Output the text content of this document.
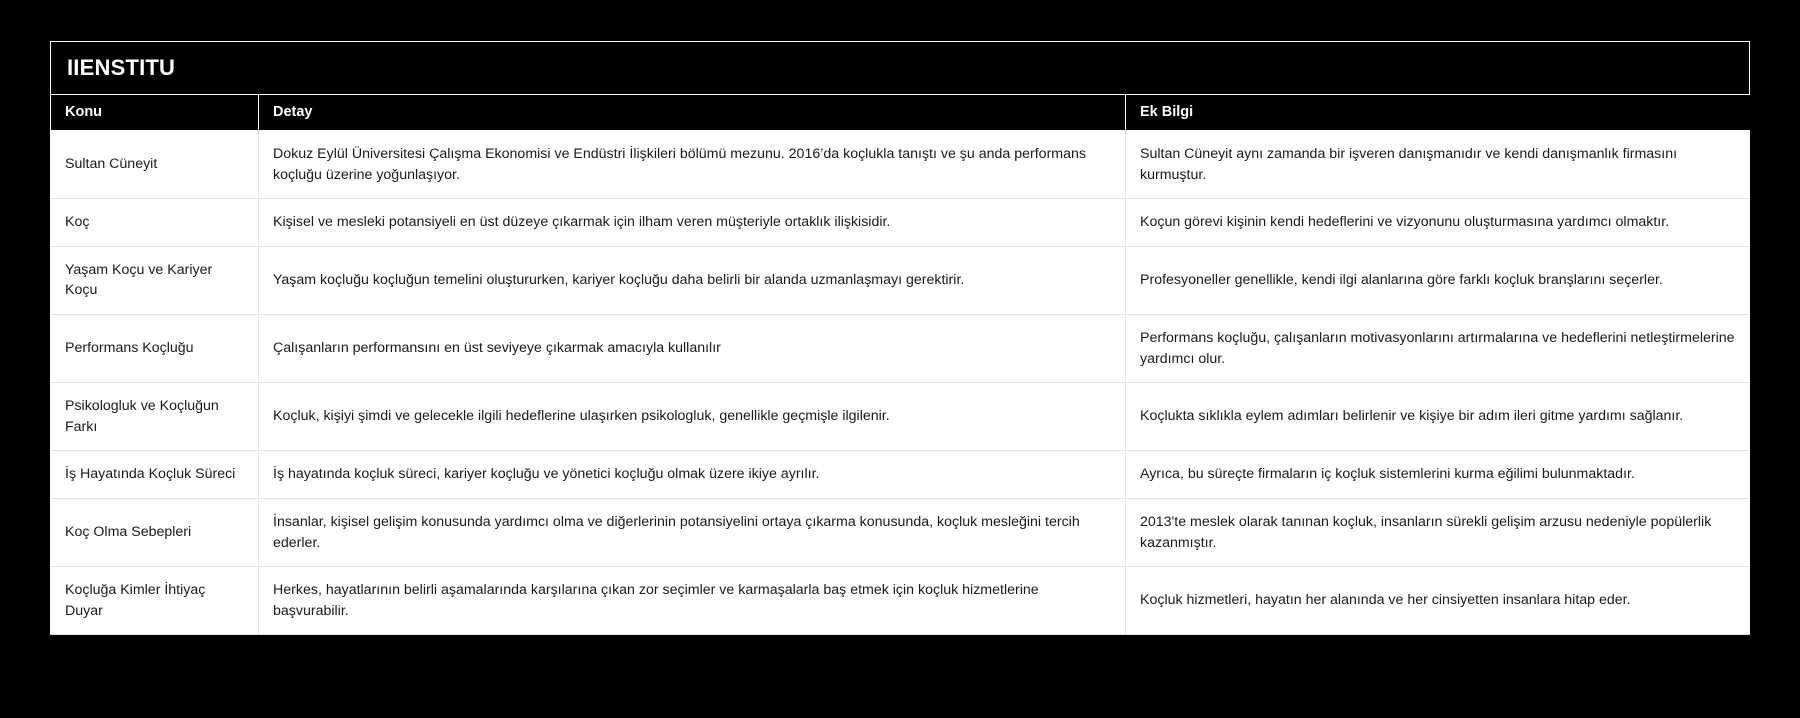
IIENSTITU
Konu	Detay	Ek Bilgi
Sultan Cüneyit	Dokuz Eylül Üniversitesi Çalışma Ekonomisi ve Endüstri İlişkileri bölümü mezunu. 2016’da koçlukla tanıştı ve şu anda performans koçluğu üzerine yoğunlaşıyor.	Sultan Cüneyit aynı zamanda bir işveren danışmanıdır ve kendi danışmanlık firmasını kurmuştur.
Koç	Kişisel ve mesleki potansiyeli en üst düzeye çıkarmak için ilham veren müşteriyle ortaklık ilişkisidir.	Koçun görevi kişinin kendi hedeflerini ve vizyonunu oluşturmasına yardımcı olmaktır.
Yaşam Koçu ve Kariyer Koçu	Yaşam koçluğu koçluğun temelini oluştururken, kariyer koçluğu daha belirli bir alanda uzmanlaşmayı gerektirir.	Profesyoneller genellikle, kendi ilgi alanlarına göre farklı koçluk branşlarını seçerler.
Performans Koçluğu	Çalışanların performansını en üst seviyeye çıkarmak amacıyla kullanılır	Performans koçluğu, çalışanların motivasyonlarını artırmalarına ve hedeflerini netleştirmelerine yardımcı olur.
Psikologluk ve Koçluğun Farkı	Koçluk, kişiyi şimdi ve gelecekle ilgili hedeflerine ulaşırken psikologluk, genellikle geçmişle ilgilenir.	Koçlukta sıklıkla eylem adımları belirlenir ve kişiye bir adım ileri gitme yardımı sağlanır.
İş Hayatında Koçluk Süreci	İş hayatında koçluk süreci, kariyer koçluğu ve yönetici koçluğu olmak üzere ikiye ayrılır.	Ayrıca, bu süreçte firmaların iç koçluk sistemlerini kurma eğilimi bulunmaktadır.
Koç Olma Sebepleri	İnsanlar, kişisel gelişim konusunda yardımcı olma ve diğerlerinin potansiyelini ortaya çıkarma konusunda, koçluk mesleğini tercih ederler.	2013'te meslek olarak tanınan koçluk, insanların sürekli gelişim arzusu nedeniyle popülerlik kazanmıştır.
Koçluğa Kimler İhtiyaç Duyar	Herkes, hayatlarının belirli aşamalarında karşılarına çıkan zor seçimler ve karmaşalarla baş etmek için koçluk hizmetlerine başvurabilir.	Koçluk hizmetleri, hayatın her alanında ve her cinsiyetten insanlara hitap eder.
